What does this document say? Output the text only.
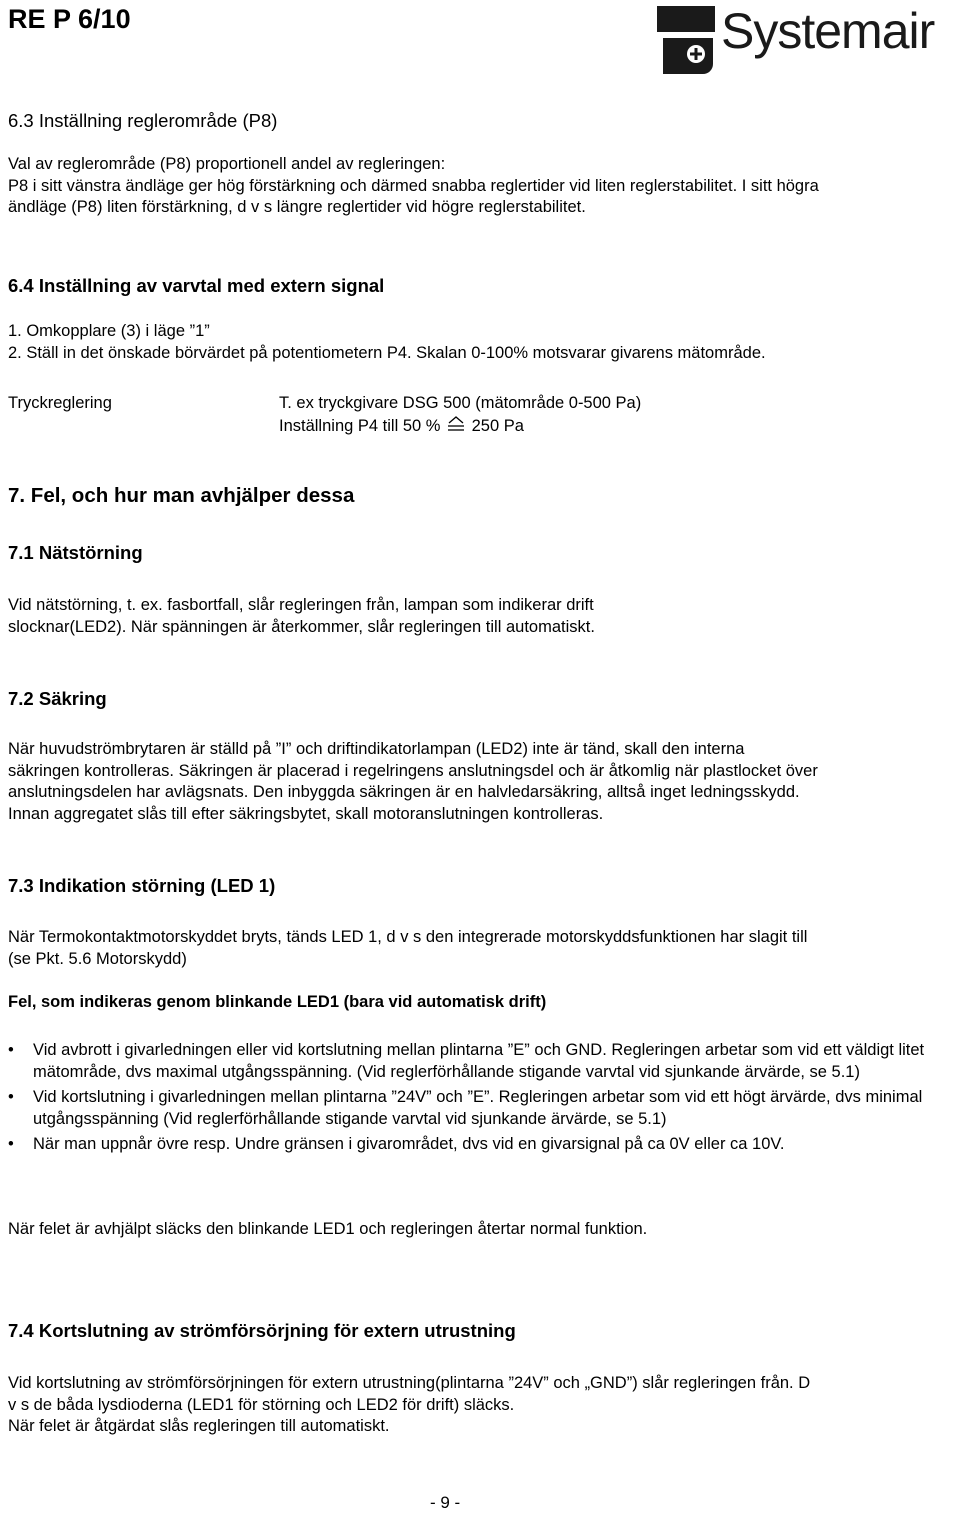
RE P 6/10	Systemair
6.3 Inställning reglerområde (P8)
Val av reglerområde (P8) proportionell andel av regleringen:
P8 i sitt vänstra ändläge ger hög förstärkning och därmed snabba reglertider vid liten reglerstabilitet. I sitt högra
ändläge (P8) liten förstärkning, d v s längre reglertider vid högre reglerstabilitet.
6.4 Inställning av varvtal med extern signal
1. Omkopplare (3) i läge ”1”
2. Ställ in det önskade börvärdet på potentiometern P4. Skalan 0-100% motsvarar givarens mätområde.
Tryckreglering	T. ex tryckgivare DSG 500 (mätområde 0-500 Pa)
Inställning P4 till 50 % 250 Pa
7. Fel, och hur man avhjälper dessa
7.1 Nätstörning
Vid nätstörning, t. ex. fasbortfall, slår regleringen från, lampan som indikerar drift
slocknar(LED2). När spänningen är återkommer, slår regleringen till automatiskt.
7.2 Säkring
När huvudströmbrytaren är ställd på ”I” och driftindikatorlampan (LED2) inte är tänd, skall den interna
säkringen kontrolleras. Säkringen är placerad i regelringens anslutningsdel och är åtkomlig när plastlocket över
anslutningsdelen har avlägsnats. Den inbyggda säkringen är en halvledarsäkring, alltså inget ledningsskydd.
Innan aggregatet slås till efter säkringsbytet, skall motoranslutningen kontrolleras.
7.3 Indikation störning (LED 1)
När Termokontaktmotorskyddet bryts, tänds LED 1, d v s den integrerade motorskyddsfunktionen har slagit till
(se Pkt. 5.6 Motorskydd)
Fel, som indikeras genom blinkande LED1 (bara vid automatisk drift)
• Vid avbrott i givarledningen eller vid kortslutning mellan plintarna ”E” och GND. Regleringen arbetar som vid ett väldigt litet mätområde, dvs maximal utgångsspänning. (Vid reglerförhållande stigande varvtal vid sjunkande ärvärde, se 5.1)
• Vid kortslutning i givarledningen mellan plintarna ”24V” och ”E”. Regleringen arbetar som vid ett högt ärvärde, dvs minimal utgångsspänning (Vid reglerförhållande stigande varvtal vid sjunkande ärvärde, se 5.1)
• När man uppnår övre resp. Undre gränsen i givarområdet, dvs vid en givarsignal på ca 0V eller ca 10V.
När felet är avhjälpt släcks den blinkande LED1 och regleringen återtar normal funktion.
7.4 Kortslutning av strömförsörjning för extern utrustning
Vid kortslutning av strömförsörjningen för extern utrustning(plintarna ”24V” och „GND”) slår regleringen från. D
v s de båda lysdioderna (LED1 för störning och LED2 för drift) släcks.
När felet är åtgärdat slås regleringen till automatiskt.
- 9 -
